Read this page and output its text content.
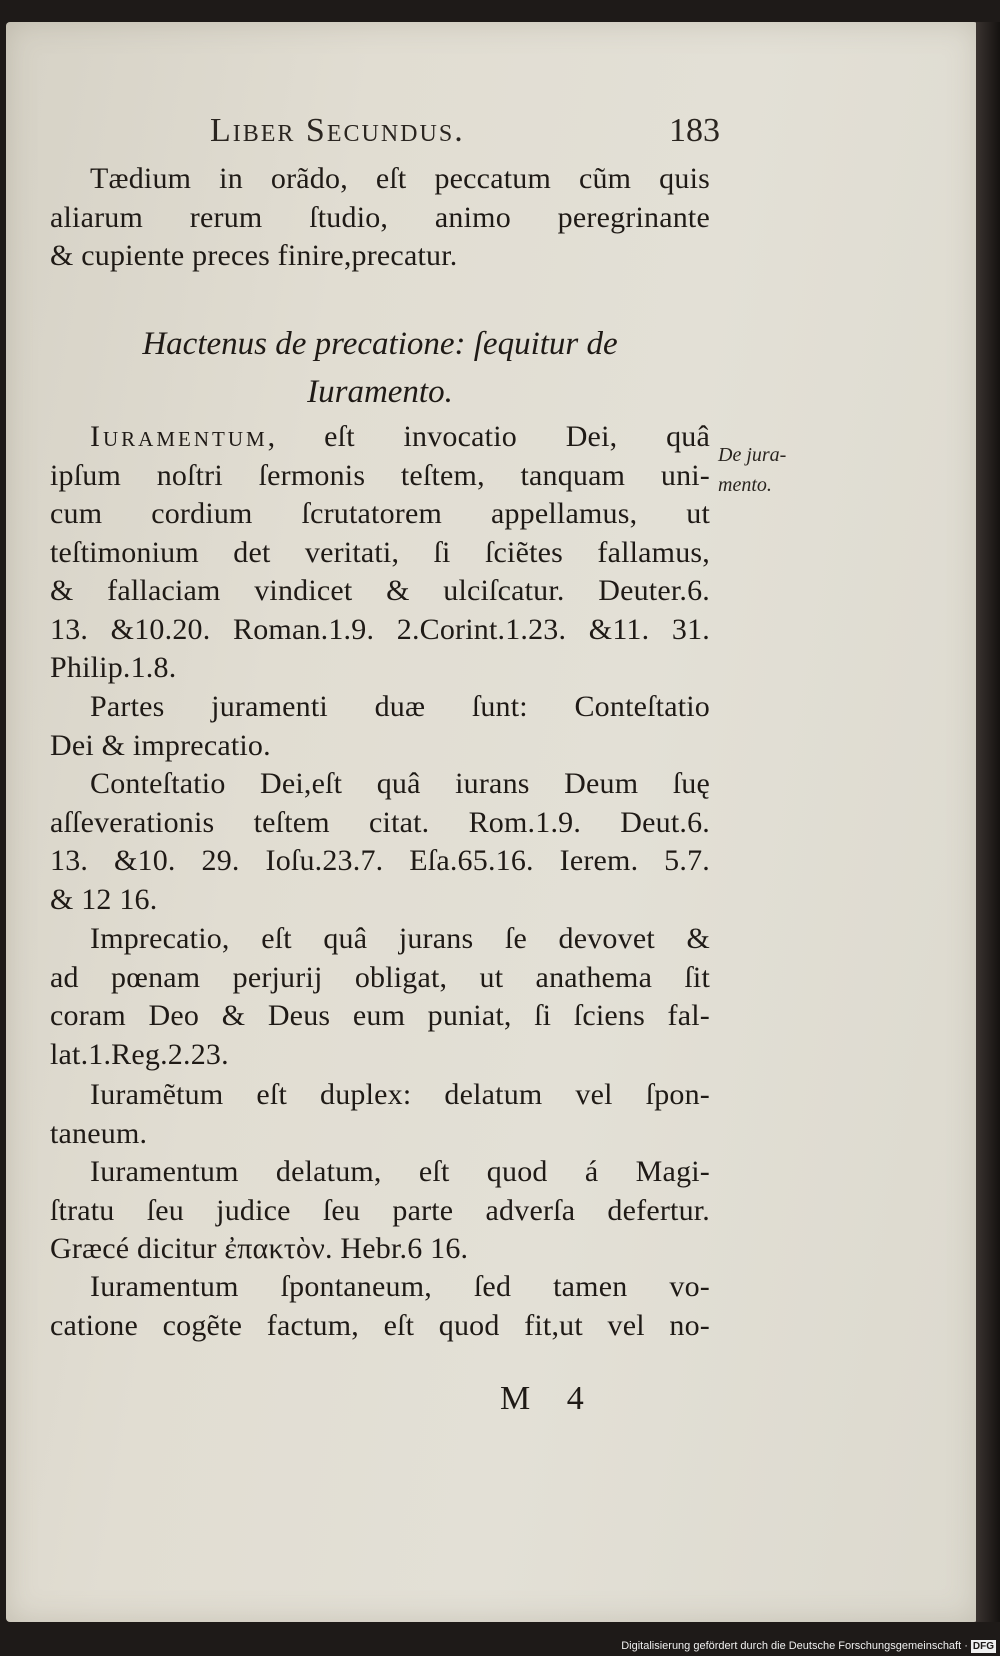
Liber Secundus.	183
Tædium in orãdo, eſt peccatum cũm quis
aliarum rerum ſtudio, animo peregrinante
& cupiente preces finire,precatur.
Hactenus de precatione: ſequitur de
Iuramento.
Iuramentum, eſt invocatio Dei, quâ
ipſum noſtri ſermonis teſtem, tanquam uni-
cum cordium ſcrutatorem appellamus, ut
teſtimonium det veritati, ſi ſciẽtes fallamus,
& fallaciam vindicet & ulciſcatur. Deuter.6.
13. &10.20. Roman.1.9. 2.Corint.1.23. &11. 31.
Philip.1.8.
Partes juramenti duæ ſunt: Conteſtatio
Dei & imprecatio.
Conteſtatio Dei,eſt quâ iurans Deum ſuę
aſſeverationis teſtem citat. Rom.1.9. Deut.6.
13. &10. 29. Ioſu.23.7. Eſa.65.16. Ierem. 5.7.
& 12 16.
Imprecatio, eſt quâ jurans ſe devovet &
ad pœnam perjurij obligat, ut anathema ſit
coram Deo & Deus eum puniat, ſi ſciens fal-
lat.1.Reg.2.23.
Iuramẽtum eſt duplex: delatum vel ſpon-
taneum.
Iuramentum delatum, eſt quod á Magi-
ſtratu ſeu judice ſeu parte adverſa defertur.
Græcé dicitur ἐπακτὸν. Hebr.6 16.
Iuramentum ſpontaneum, ſed tamen vo-
catione cogẽte factum, eſt quod fit,ut vel no-
De jura-
mento.
M 4
Digitalisierung gefördert durch die Deutsche Forschungsgemeinschaft · DFG
